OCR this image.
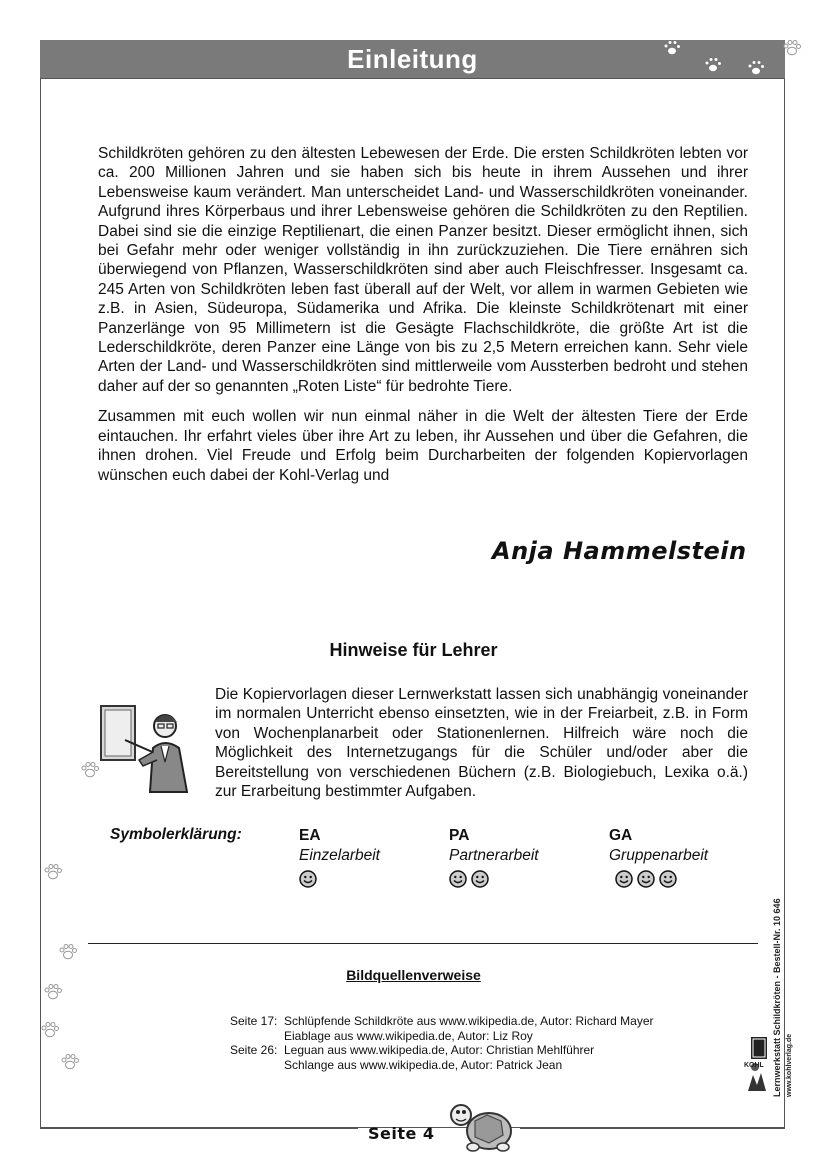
Einleitung

Schildkröten gehören zu den ältesten Lebewesen der Erde. Die ersten Schildkröten lebten vor ca. 200 Millionen Jahren und sie haben sich bis heute in ihrem Aussehen und ihrer Lebensweise kaum verändert. Man unterscheidet Land- und Wasserschildkröten voneinander. Aufgrund ihres Körperbaus und ihrer Lebensweise gehören die Schildkröten zu den Reptilien. Dabei sind sie die einzige Reptilienart, die einen Panzer besitzt. Dieser ermöglicht ihnen, sich bei Gefahr mehr oder weniger vollständig in ihn zurückzuziehen. Die Tiere ernähren sich überwiegend von Pflanzen, Wasserschildkröten sind aber auch Fleischfresser. Insgesamt ca. 245 Arten von Schildkröten leben fast überall auf der Welt, vor allem in warmen Gebieten wie z.B. in Asien, Südeuropa, Südamerika und Afrika. Die kleinste Schildkrötenart mit einer Panzerlänge von 95 Millimetern ist die Gesägte Flachschildkröte, die größte Art ist die Lederschildkröte, deren Panzer eine Länge von bis zu 2,5 Metern erreichen kann. Sehr viele Arten der Land- und Wasserschildkröten sind mittlerweile vom Aussterben bedroht und stehen daher auf der so genannten „Roten Liste“ für bedrohte Tiere.

Zusammen mit euch wollen wir nun einmal näher in die Welt der ältesten Tiere der Erde eintauchen. Ihr erfahrt vieles über ihre Art zu leben, ihr Aussehen und über die Gefahren, die ihnen drohen. Viel Freude und Erfolg beim Durcharbeiten der folgenden Kopiervorlagen wünschen euch dabei der Kohl-Verlag und

Anja Hammelstein
Hinweise für Lehrer
Die Kopiervorlagen dieser Lernwerkstatt lassen sich unabhängig voneinander im normalen Unterricht ebenso einsetzten, wie in der Freiarbeit, z.B. in Form von Wochenplanarbeit oder Stationenlernen. Hilfreich wäre noch die Möglichkeit des Internetzugangs für die Schüler und/oder aber die Bereitstellung von verschiedenen Büchern (z.B. Biologiebuch, Lexika o.ä.) zur Erarbeitung bestimmter Aufgaben.
Symbolerklärung:	EA
Einzelarbeit
PA
Partnerarbeit
GA
Gruppenarbeit
Bildquellenverweise
Seite 17: Schlüpfende Schildkröte aus www.wikipedia.de, Autor: Richard Mayer
Eiablage aus www.wikipedia.de, Autor: Liz Roy
Seite 26: Leguan aus www.wikipedia.de, Autor: Christian Mehlführer
Schlange aus www.wikipedia.de, Autor: Patrick Jean	Lernwerkstatt Schildkröten - Bestell-Nr. 10 646 www.kohlverlag.de
KOHL
Seite 4
